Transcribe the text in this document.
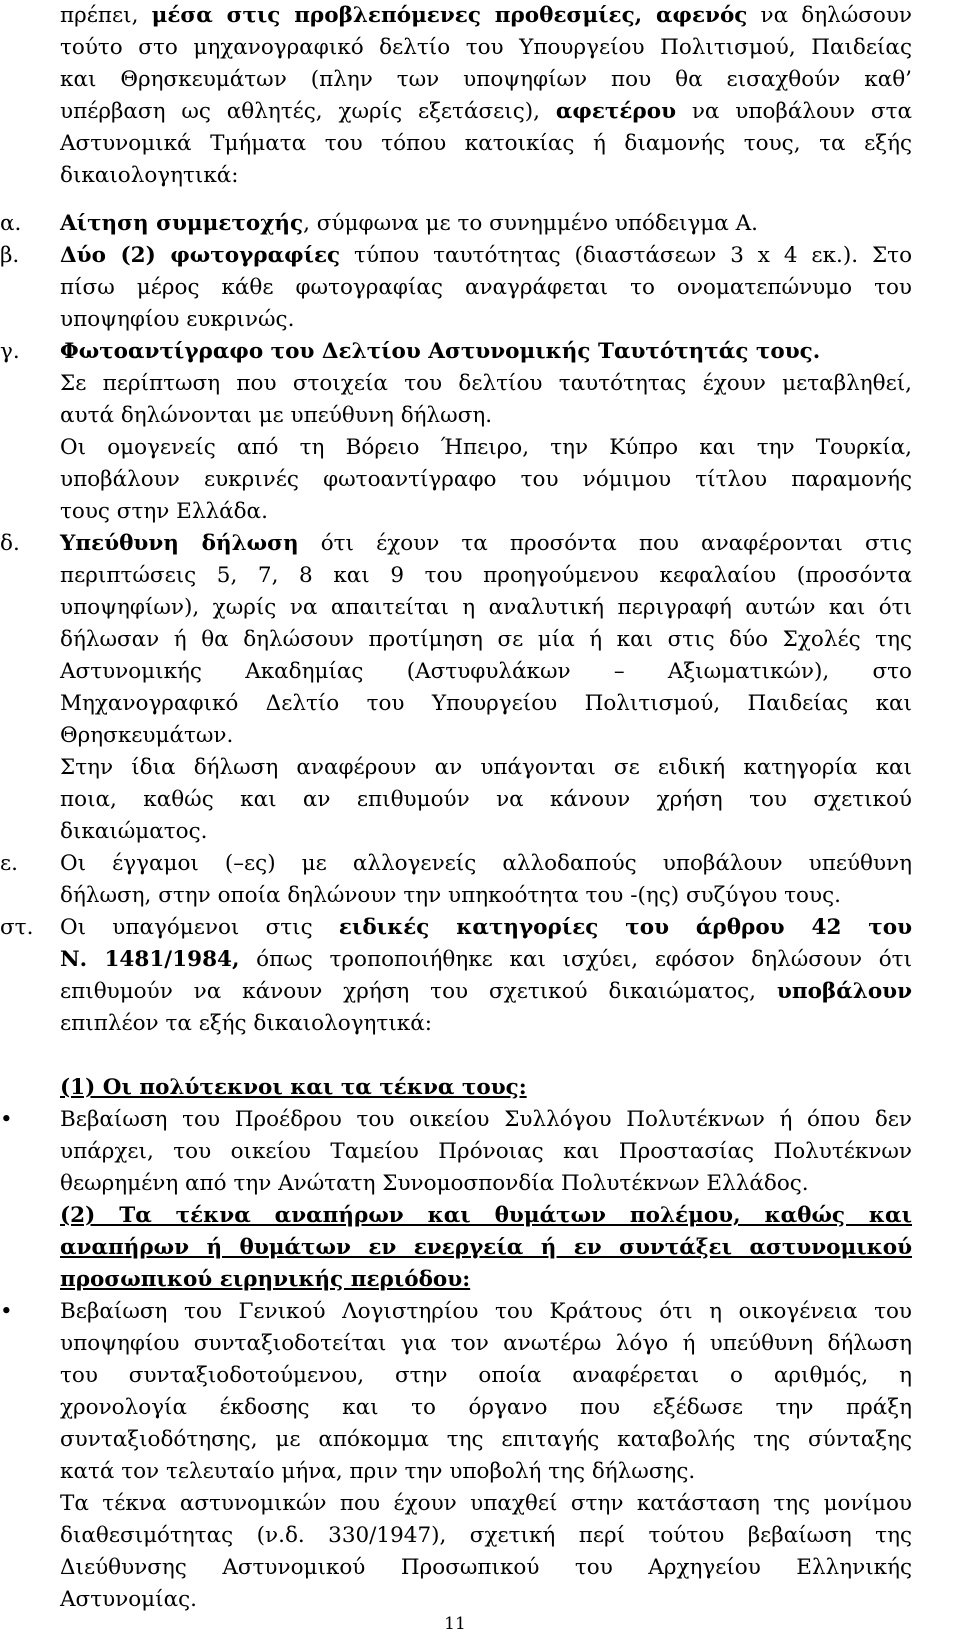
πρέπει, μέσα στις προβλεπόμενες προθεσμίες, αφενός να δηλώσουν
τούτο στο μηχανογραφικό δελτίο του Υπουργείου Πολιτισμού, Παιδείας
και Θρησκευμάτων (πλην των υποψηφίων που θα εισαχθούν καθ’
υπέρβαση ως αθλητές, χωρίς εξετάσεις), αφετέρου να υποβάλουν στα
Αστυνομικά Τμήματα του τόπου κατοικίας ή διαμονής τους, τα εξής
δικαιολογητικά:
α. Αίτηση συμμετοχής, σύμφωνα με το συνημμένο υπόδειγμα Α.
β. Δύο (2) φωτογραφίες τύπου ταυτότητας (διαστάσεων 3 x 4 εκ.). Στο
πίσω μέρος κάθε φωτογραφίας αναγράφεται το ονοματεπώνυμο του
υποψηφίου ευκρινώς.
γ. Φωτοαντίγραφο του Δελτίου Αστυνομικής Ταυτότητάς τους.
Σε περίπτωση που στοιχεία του δελτίου ταυτότητας έχουν μεταβληθεί,
αυτά δηλώνονται με υπεύθυνη δήλωση.
Οι ομογενείς από τη Βόρειο Ήπειρο, την Κύπρο και την Τουρκία,
υποβάλουν ευκρινές φωτοαντίγραφο του νόμιμου τίτλου παραμονής
τους στην Ελλάδα.
δ. Υπεύθυνη δήλωση ότι έχουν τα προσόντα που αναφέρονται στις
περιπτώσεις 5, 7, 8 και 9 του προηγούμενου κεφαλαίου (προσόντα
υποψηφίων), χωρίς να απαιτείται η αναλυτική περιγραφή αυτών και ότι
δήλωσαν ή θα δηλώσουν προτίμηση σε μία ή και στις δύο Σχολές της
Αστυνομικής Ακαδημίας (Αστυφυλάκων – Αξιωματικών), στο
Μηχανογραφικό Δελτίο του Υπουργείου Πολιτισμού, Παιδείας και
Θρησκευμάτων.
Στην ίδια δήλωση αναφέρουν αν υπάγονται σε ειδική κατηγορία και
ποια, καθώς και αν επιθυμούν να κάνουν χρήση του σχετικού
δικαιώματος.
ε. Οι έγγαμοι (–ες) με αλλογενείς αλλοδαπούς υποβάλουν υπεύθυνη
δήλωση, στην οποία δηλώνουν την υπηκοότητα του -(ης) συζύγου τους.
στ. Οι υπαγόμενοι στις ειδικές κατηγορίες του άρθρου 42 του
Ν. 1481/1984, όπως τροποποιήθηκε και ισχύει, εφόσον δηλώσουν ότι
επιθυμούν να κάνουν χρήση του σχετικού δικαιώματος, υποβάλουν
επιπλέον τα εξής δικαιολογητικά:
(1) Οι πολύτεκνοι και τα τέκνα τους:
• Βεβαίωση του Προέδρου του οικείου Συλλόγου Πολυτέκνων ή όπου δεν
υπάρχει, του οικείου Ταμείου Πρόνοιας και Προστασίας Πολυτέκνων
θεωρημένη από την Ανώτατη Συνομοσπονδία Πολυτέκνων Ελλάδος.
(2) Τα τέκνα αναπήρων και θυμάτων πολέμου, καθώς και
αναπήρων ή θυμάτων εν ενεργεία ή εν συντάξει αστυνομικού
προσωπικού ειρηνικής περιόδου:
• Βεβαίωση του Γενικού Λογιστηρίου του Κράτους ότι η οικογένεια του
υποψηφίου συνταξιοδοτείται για τον ανωτέρω λόγο ή υπεύθυνη δήλωση
του συνταξιοδοτούμενου, στην οποία αναφέρεται ο αριθμός, η
χρονολογία έκδοσης και το όργανο που εξέδωσε την πράξη
συνταξιοδότησης, με απόκομμα της επιταγής καταβολής της σύνταξης
κατά τον τελευταίο μήνα, πριν την υποβολή της δήλωσης.
Τα τέκνα αστυνομικών που έχουν υπαχθεί στην κατάσταση της μονίμου
διαθεσιμότητας (ν.δ. 330/1947), σχετική περί τούτου βεβαίωση της
Διεύθυνσης Αστυνομικού Προσωπικού του Αρχηγείου Ελληνικής
Αστυνομίας.
11
